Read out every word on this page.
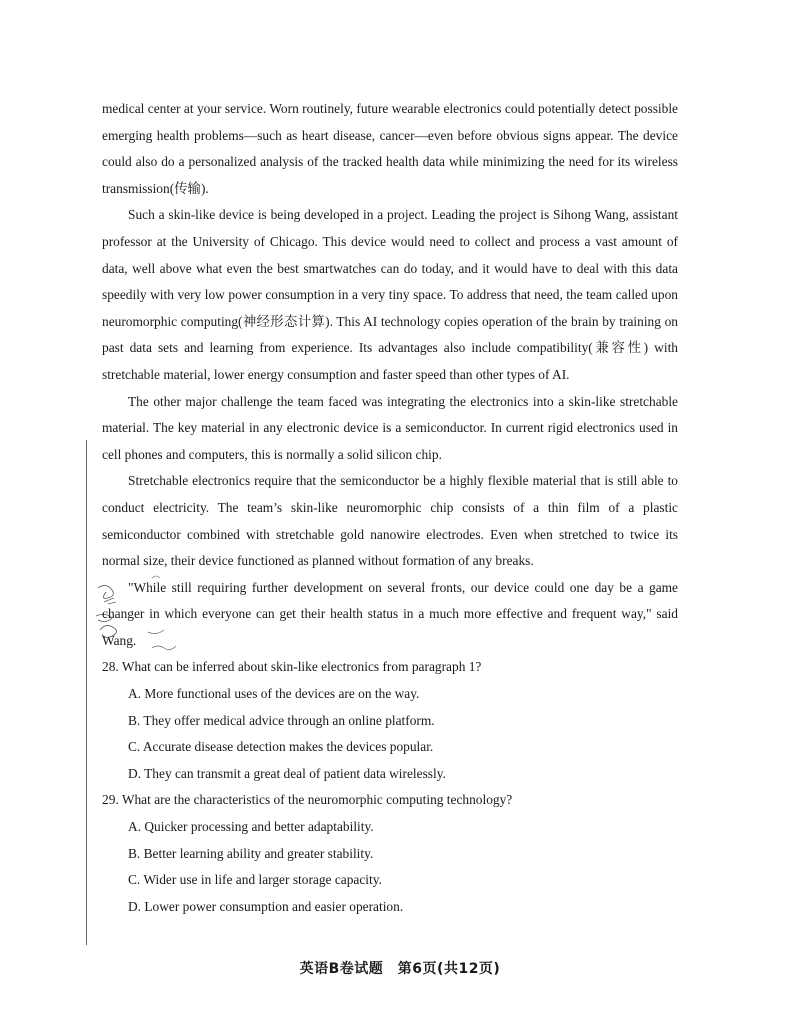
medical center at your service. Worn routinely, future wearable electronics could potentially detect possible emerging health problems—such as heart disease, cancer—even before obvious signs appear. The device could also do a personalized analysis of the tracked health data while minimizing the need for its wireless transmission(传输).

Such a skin-like device is being developed in a project. Leading the project is Sihong Wang, assistant professor at the University of Chicago. This device would need to collect and process a vast amount of data, well above what even the best smartwatches can do today, and it would have to deal with this data speedily with very low power consumption in a very tiny space. To address that need, the team called upon neuromorphic computing(神经形态计算). This AI technology copies operation of the brain by training on past data sets and learning from experience. Its advantages also include compatibility(兼容性) with stretchable material, lower energy consumption and faster speed than other types of AI.

The other major challenge the team faced was integrating the electronics into a skin-like stretchable material. The key material in any electronic device is a semiconductor. In current rigid electronics used in cell phones and computers, this is normally a solid silicon chip.

Stretchable electronics require that the semiconductor be a highly flexible material that is still able to conduct electricity. The team’s skin-like neuromorphic chip consists of a thin film of a plastic semiconductor combined with stretchable gold nanowire electrodes. Even when stretched to twice its normal size, their device functioned as planned without formation of any breaks.

"While still requiring further development on several fronts, our device could one day be a game changer in which everyone can get their health status in a much more effective and frequent way," said Wang.

28. What can be inferred about skin-like electronics from paragraph 1?

A. More functional uses of the devices are on the way.

B. They offer medical advice through an online platform.

C. Accurate disease detection makes the devices popular.

D. They can transmit a great deal of patient data wirelessly.

29. What are the characteristics of the neuromorphic computing technology?

A. Quicker processing and better adaptability.

B. Better learning ability and greater stability.

C. Wider use in life and larger storage capacity.

D. Lower power consumption and easier operation.

英语B卷试题　第6页(共12页)
